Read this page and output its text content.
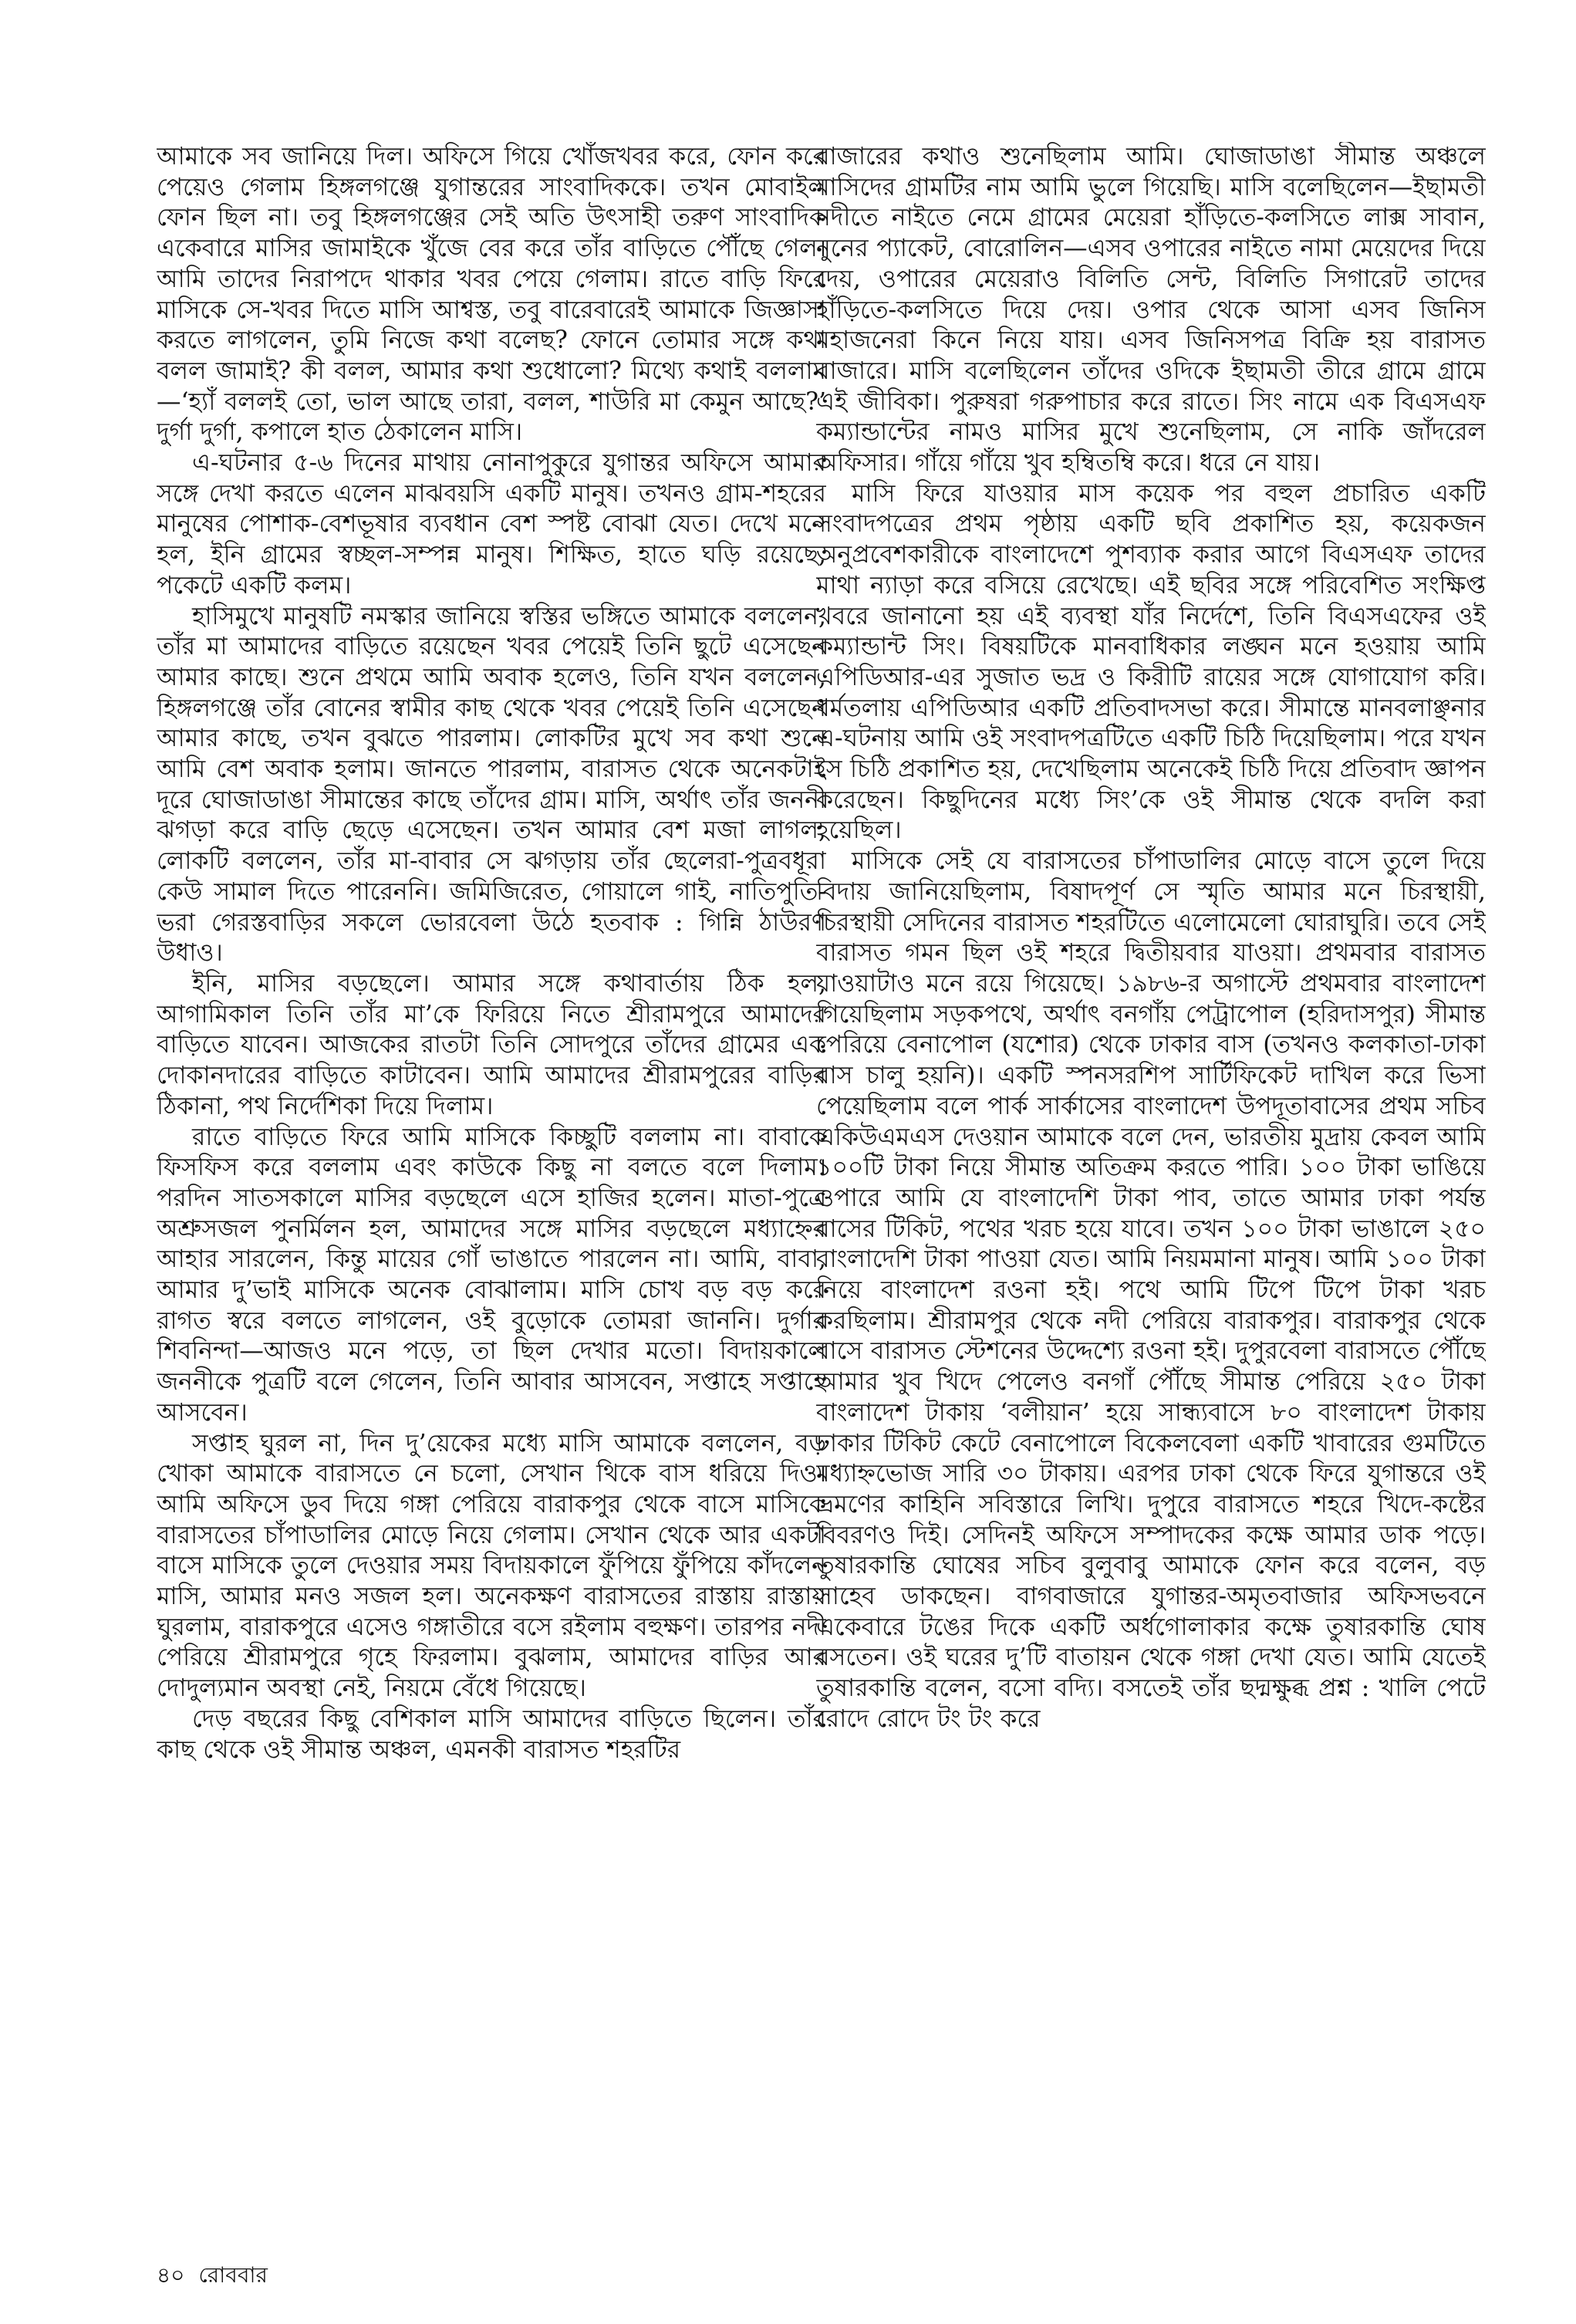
আমাকে সব জানিয়ে দিল। অফিসে গিয়ে খোঁজখবর করে, ফোন করে পেয়েও গেলাম হিঙ্গলগঞ্জে যুগান্তরের সাংবাদিককে। তখন মোবাইল ফোন ছিল না। তবু হিঙ্গলগঞ্জের সেই অতি উৎসাহী তরুণ সাংবাদিক একেবারে মাসির জামাইকে খুঁজে বের করে তাঁর বাড়িতে পৌঁছে গেল। আমি তাদের নিরাপদে থাকার খবর পেয়ে গেলাম। রাতে বাড়ি ফিরে মাসিকে সে-খবর দিতে মাসি আশ্বস্ত, তবু বারেবারেই আমাকে জিজ্ঞাসা করতে লাগলেন, তুমি নিজে কথা বলেছ? ফোনে তোমার সঙ্গে কথা বলল জামাই? কী বলল, আমার কথা শুধোলো? মিথ্যে কথাই বললাম—‘হ্যাঁ বললই তো, ভাল আছে তারা, বলল, শাউরি মা কেমুন আছে?’ দুর্গা দুর্গা, কপালে হাত ঠেকালেন মাসি।

এ-ঘটনার ৫-৬ দিনের মাথায় নোনাপুকুরে যুগান্তর অফিসে আমার সঙ্গে দেখা করতে এলেন মাঝবয়সি একটি মানুষ। তখনও গ্রাম-শহরের মানুষের পোশাক-বেশভূষার ব্যবধান বেশ স্পষ্ট বোঝা যেত। দেখে মনে হল, ইনি গ্রামের স্বচ্ছল-সম্পন্ন মানুষ। শিক্ষিত, হাতে ঘড়ি রয়েছে, পকেটে একটি কলম।

হাসিমুখে মানুষটি নমস্কার জানিয়ে স্বস্তির ভঙ্গিতে আমাকে বললেন, তাঁর মা আমাদের বাড়িতে রয়েছেন খবর পেয়েই তিনি ছুটে এসেছেন আমার কাছে। শুনে প্রথমে আমি অবাক হলেও, তিনি যখন বললেন, হিঙ্গলগঞ্জে তাঁর বোনের স্বামীর কাছ থেকে খবর পেয়েই তিনি এসেছেন আমার কাছে, তখন বুঝতে পারলাম। লোকটির মুখে সব কথা শুনে আমি বেশ অবাক হলাম। জানতে পারলাম, বারাসত থেকে অনেকটাই দূরে ঘোজাডাঙা সীমান্তের কাছে তাঁদের গ্রাম। মাসি, অর্থাৎ তাঁর জননী ঝগড়া করে বাড়ি ছেড়ে এসেছেন। তখন আমার বেশ মজা লাগল, লোকটি বললেন, তাঁর মা-বাবার সে ঝগড়ায় তাঁর ছেলেরা-পুত্রবধূরা কেউ সামাল দিতে পারেননি। জমিজিরেত, গোয়ালে গাই, নাতিপুতি-ভরা গেরস্তবাড়ির সকলে ভোরবেলা উঠে হতবাক : গিন্নি ঠাউরণ উধাও।

ইনি, মাসির বড়ছেলে। আমার সঙ্গে কথাবার্তায় ঠিক হল, আগামিকাল তিনি তাঁর মা’কে ফিরিয়ে নিতে শ্রীরামপুরে আমাদের বাড়িতে যাবেন। আজকের রাতটা তিনি সোদপুরে তাঁদের গ্রামের এক দোকানদারের বাড়িতে কাটাবেন। আমি আমাদের শ্রীরামপুরের বাড়ির ঠিকানা, পথ নির্দেশিকা দিয়ে দিলাম।

রাতে বাড়িতে ফিরে আমি মাসিকে কিচ্ছুটি বললাম না। বাবাকে ফিসফিস করে বললাম এবং কাউকে কিছু না বলতে বলে দিলাম। পরদিন সাতসকালে মাসির বড়ছেলে এসে হাজির হলেন। মাতা-পুত্রে অশ্রুসজল পুনর্মিলন হল, আমাদের সঙ্গে মাসির বড়ছেলে মধ্যাহ্নের আহার সারলেন, কিন্তু মায়ের গোঁ ভাঙাতে পারলেন না। আমি, বাবা, আমার দু’ভাই মাসিকে অনেক বোঝালাম। মাসি চোখ বড় বড় করে রাগত স্বরে বলতে লাগলেন, ওই বুড়োকে তোমরা জাননি। দুর্গার শিবনিন্দা—আজও মনে পড়ে, তা ছিল দেখার মতো। বিদায়কালে জননীকে পুত্রটি বলে গেলেন, তিনি আবার আসবেন, সপ্তাহে সপ্তাহে আসবেন।

সপ্তাহ ঘুরল না, দিন দু’য়েকের মধ্যে মাসি আমাকে বললেন, বড় খোকা আমাকে বারাসতে নে চলো, সেখান থিকে বাস ধরিয়ে দিও। আমি অফিসে ডুব দিয়ে গঙ্গা পেরিয়ে বারাকপুর থেকে বাসে মাসিকে বারাসতের চাঁপাডালির মোড়ে নিয়ে গেলাম। সেখান থেকে আর একটা বাসে মাসিকে তুলে দেওয়ার সময় বিদায়কালে ফুঁপিয়ে ফুঁপিয়ে কাঁদলেন মাসি, আমার মনও সজল হল। অনেকক্ষণ বারাসতের রাস্তায় রাস্তায় ঘুরলাম, বারাকপুরে এসেও গঙ্গাতীরে বসে রইলাম বহুক্ষণ। তারপর নদী পেরিয়ে শ্রীরামপুরে গৃহে ফিরলাম। বুঝলাম, আমাদের বাড়ির আর দোদুল্যমান অবস্থা নেই, নিয়মে বেঁধে গিয়েছে।

দেড় বছরের কিছু বেশিকাল মাসি আমাদের বাড়িতে ছিলেন। তাঁর কাছ থেকে ওই সীমান্ত অঞ্চল, এমনকী বারাসত শহরটির

বাজারের কথাও শুনেছিলাম আমি। ঘোজাডাঙা সীমান্ত অঞ্চলে মাসিদের গ্রামটির নাম আমি ভুলে গিয়েছি। মাসি বলেছিলেন—ইছামতী নদীতে নাইতে নেমে গ্রামের মেয়েরা হাঁড়িতে-কলসিতে লাক্স সাবান, নুনের প্যাকেট, বোরোলিন—এসব ওপারের নাইতে নামা মেয়েদের দিয়ে দেয়, ওপারের মেয়েরাও বিলিতি সেন্ট, বিলিতি সিগারেট তাদের হাঁড়িতে-কলসিতে দিয়ে দেয়। ওপার থেকে আসা এসব জিনিস মহাজনেরা কিনে নিয়ে যায়। এসব জিনিসপত্র বিক্রি হয় বারাসত বাজারে। মাসি বলেছিলেন তাঁদের ওদিকে ইছামতী তীরে গ্রামে গ্রামে এই জীবিকা। পুরুষরা গরুপাচার করে রাতে। সিং নামে এক বিএসএফ কম্যান্ডান্টের নামও মাসির মুখে শুনেছিলাম, সে নাকি জাঁদরেল অফিসার। গাঁয়ে গাঁয়ে খুব হম্বিতম্বি করে। ধরে নে যায়।

মাসি ফিরে যাওয়ার মাস কয়েক পর বহুল প্রচারিত একটি সংবাদপত্রের প্রথম পৃষ্ঠায় একটি ছবি প্রকাশিত হয়, কয়েকজন অনুপ্রবেশকারীকে বাংলাদেশে পুশব্যাক করার আগে বিএসএফ তাদের মাথা ন্যাড়া করে বসিয়ে রেখেছে। এই ছবির সঙ্গে পরিবেশিত সংক্ষিপ্ত খবরে জানানো হয় এই ব্যবস্থা যাঁর নির্দেশে, তিনি বিএসএফের ওই কম্যান্ডান্ট সিং। বিষয়টিকে মানবাধিকার লঙ্ঘন মনে হওয়ায় আমি এপিডিআর-এর সুজাত ভদ্র ও কিরীটি রায়ের সঙ্গে যোগাযোগ করি। ধর্মতলায় এপিডিআর একটি প্রতিবাদসভা করে। সীমান্তে মানবলাঞ্ছনার এ-ঘটনায় আমি ওই সংবাদপত্রটিতে একটি চিঠি দিয়েছিলাম। পরে যখন সে চিঠি প্রকাশিত হয়, দেখেছিলাম অনেকেই চিঠি দিয়ে প্রতিবাদ জ্ঞাপন করেছেন। কিছুদিনের মধ্যে সিং’কে ওই সীমান্ত থেকে বদলি করা হয়েছিল।

মাসিকে সেই যে বারাসতের চাঁপাডালির মোড়ে বাসে তুলে দিয়ে বিদায় জানিয়েছিলাম, বিষাদপূর্ণ সে স্মৃতি আমার মনে চিরস্থায়ী, চিরস্থায়ী সেদিনের বারাসত শহরটিতে এলোমেলো ঘোরাঘুরি। তবে সেই বারাসত গমন ছিল ওই শহরে দ্বিতীয়বার যাওয়া। প্রথমবার বারাসত যাওয়াটাও মনে রয়ে গিয়েছে। ১৯৮৬-র অগাস্টে প্রথমবার বাংলাদেশ গিয়েছিলাম সড়কপথে, অর্থাৎ বনগাঁয় পেট্রাপোল (হরিদাসপুর) সীমান্ত পেরিয়ে বেনাপোল (যশোর) থেকে ঢাকার বাস (তখনও কলকাতা-ঢাকা বাস চালু হয়নি)। একটি স্পনসরশিপ সার্টিফিকেট দাখিল করে ভিসা পেয়েছিলাম বলে পার্ক সার্কাসের বাংলাদেশ উপদূতাবাসের প্রথম সচিব একিউএমএস দেওয়ান আমাকে বলে দেন, ভারতীয় মুদ্রায় কেবল আমি ১০০টি টাকা নিয়ে সীমান্ত অতিক্রম করতে পারি। ১০০ টাকা ভাঙিয়ে ওপারে আমি যে বাংলাদেশি টাকা পাব, তাতে আমার ঢাকা পর্যন্ত বাসের টিকিট, পথের খরচ হয়ে যাবে। তখন ১০০ টাকা ভাঙালে ২৫০ বাংলাদেশি টাকা পাওয়া যেত। আমি নিয়মমানা মানুষ। আমি ১০০ টাকা নিয়ে বাংলাদেশ রওনা হই। পথে আমি টিপে টিপে টাকা খরচ করছিলাম। শ্রীরামপুর থেকে নদী পেরিয়ে বারাকপুর। বারাকপুর থেকে বাসে বারাসত স্টেশনের উদ্দেশ্যে রওনা হই। দুপুরবেলা বারাসতে পৌঁছে আমার খুব খিদে পেলেও বনগাঁ পৌঁছে সীমান্ত পেরিয়ে ২৫০ টাকা বাংলাদেশ টাকায় ‘বলীয়ান’ হয়ে সান্ধ্যবাসে ৮০ বাংলাদেশ টাকায় ঢাকার টিকিট কেটে বেনাপোলে বিকেলবেলা একটি খাবারের গুমটিতে মধ্যাহ্নভোজ সারি ৩০ টাকায়। এরপর ঢাকা থেকে ফিরে যুগান্তরে ওই ভ্রমণের কাহিনি সবিস্তারে লিখি। দুপুরে বারাসতে শহরে খিদে-কষ্টের বিবরণও দিই। সেদিনই অফিসে সম্পাদকের কক্ষে আমার ডাক পড়ে। তুষারকান্তি ঘোষের সচিব বুলুবাবু আমাকে ফোন করে বলেন, বড় সাহেব ডাকছেন। বাগবাজারে যুগান্তর-অমৃতবাজার অফিসভবনে একেবারে টঙের দিকে একটি অর্ধগোলাকার কক্ষে তুষারকান্তি ঘোষ বসতেন। ওই ঘরের দু’টি বাতায়ন থেকে গঙ্গা দেখা যেত। আমি যেতেই তুষারকান্তি বলেন, বসো বদ্যি। বসতেই তাঁর ছদ্মক্ষুব্ধ প্রশ্ন : খালি পেটে রোদে রোদে টং টং করে

৪০ রোববার
